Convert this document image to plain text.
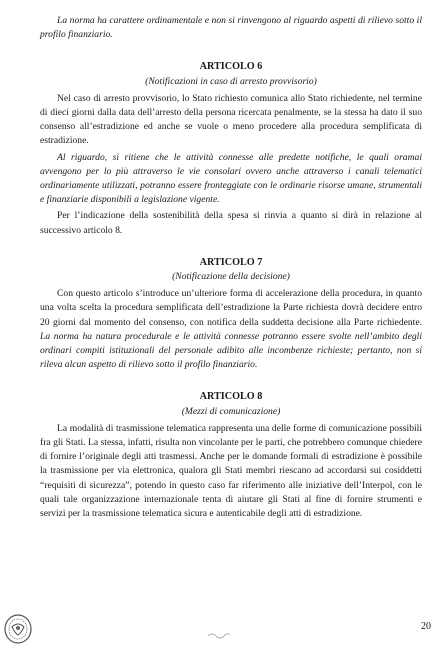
La norma ha carattere ordinamentale e non si rinvengono al riguardo aspetti di rilievo sotto il profilo finanziario.

ARTICOLO 6

(Notificazioni in caso di arresto provvisorio)

Nel caso di arresto provvisorio, lo Stato richiesto comunica allo Stato richiedente, nel termine di dieci giorni dalla data dell’arresto della persona ricercata penalmente, se la stessa ha dato il suo consenso all’estradizione ed anche se vuole o meno procedere alla procedura semplificata di estradizione.

Al riguardo, si ritiene che le attività connesse alle predette notifiche, le quali oramai avvengono per lo più attraverso le vie consolari ovvero anche attraverso i canali telematici ordinariamente utilizzati, potranno essere fronteggiate con le ordinarie risorse umane, strumentali e finanziarie disponibili a legislazione vigente.

Per l’indicazione della sostenibilità della spesa si rinvia a quanto si dirà in relazione al successivo articolo 8.

ARTICOLO 7

(Notificazione della decisione)

Con questo articolo s’introduce un’ulteriore forma di accelerazione della procedura, in quanto una volta scelta la procedura semplificata dell’estradizione la Parte richiesta dovrà decidere entro 20 giorni dal momento del consenso, con notifica della suddetta decisione alla Parte richiedente. La norma ha natura procedurale e le attività connesse potranno essere svolte nell’ambito degli ordinari compiti istituzionali del personale adibito alle incombenze richieste; pertanto, non si rileva alcun aspetto di rilievo sotto il profilo finanziario.

ARTICOLO 8

(Mezzi di comunicazione)

La modalità di trasmissione telematica rappresenta una delle forme di comunicazione possibili fra gli Stati. La stessa, infatti, risulta non vincolante per le parti, che potrebbero comunque chiedere di fornire l’originale degli atti trasmessi. Anche per le domande formali di estradizione è possibile la trasmissione per via elettronica, qualora gli Stati membri riescano ad accordarsi sui cosiddetti “requisiti di sicurezza”, potendo in questo caso far riferimento alle iniziative dell’Interpol, con le quali tale organizzazione internazionale tenta di aiutare gli Stati al fine di fornire strumenti e servizi per la trasmissione telematica sicura e autenticabile degli atti di estradizione.

20
